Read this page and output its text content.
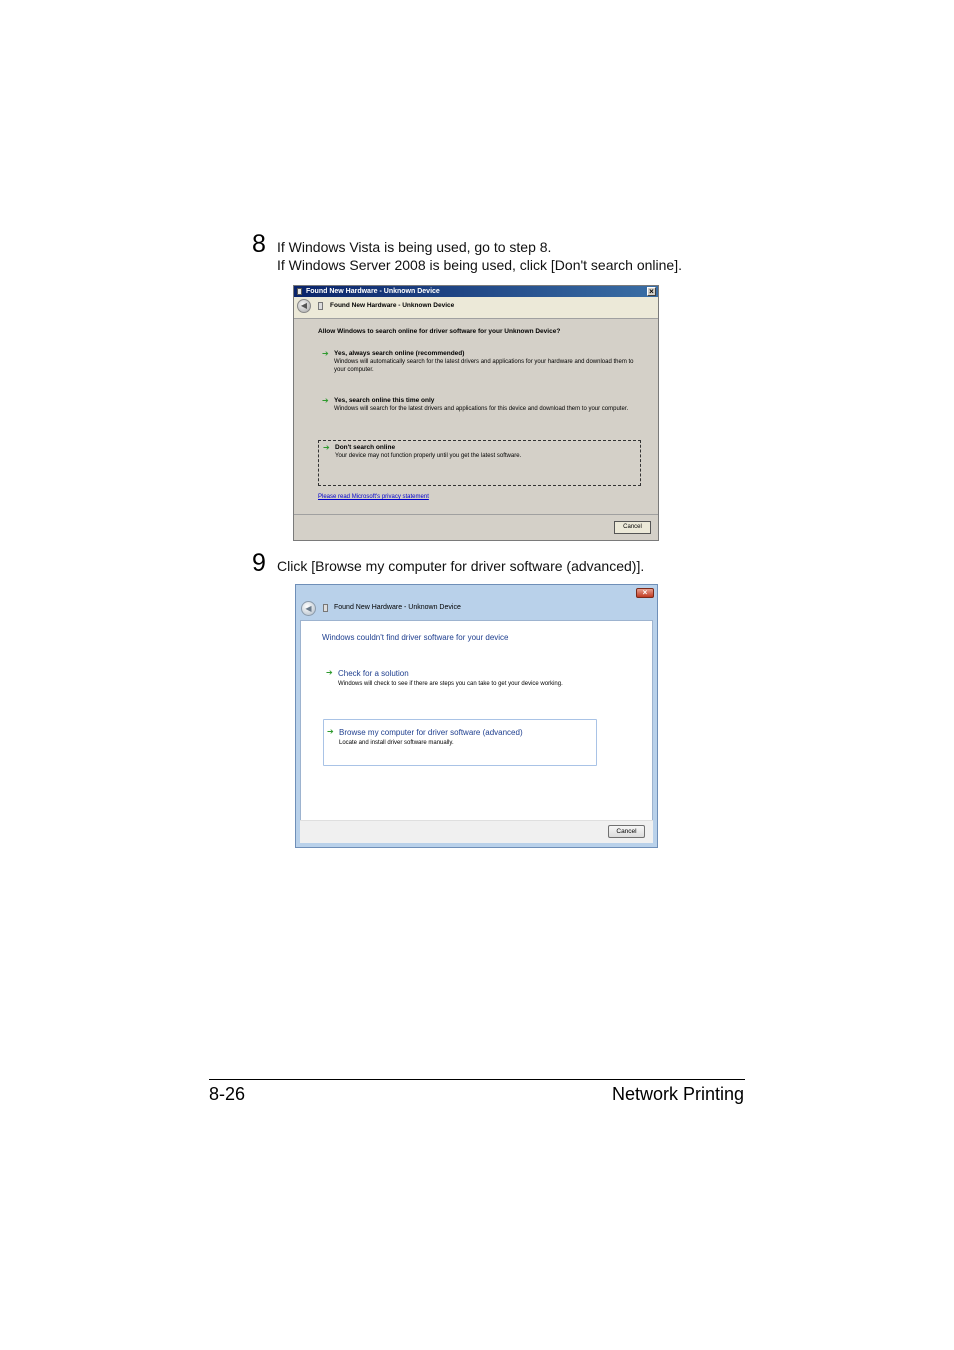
8 If Windows Vista is being used, go to step 8.
If Windows Server 2008 is being used, click [Don't search online].
Found New Hardware - Unknown Device	×
◀	Found New Hardware - Unknown Device
Allow Windows to search online for driver software for your Unknown Device?
➔ Yes, always search online (recommended)
Windows will automatically search for the latest drivers and applications for your hardware and download them to your computer.
➔ Yes, search online this time only
Windows will search for the latest drivers and applications for this device and download them to your computer.
➔ Don't search online
Your device may not function properly until you get the latest software.
Please read Microsoft's privacy statement
Cancel
9 Click [Browse my computer for driver software (advanced)].
×
◀	Found New Hardware - Unknown Device
Windows couldn't find driver software for your device
➔ Check for a solution
Windows will check to see if there are steps you can take to get your device working.
➔ Browse my computer for driver software (advanced)
Locate and install driver software manually.
Cancel
8-26	Network Printing
